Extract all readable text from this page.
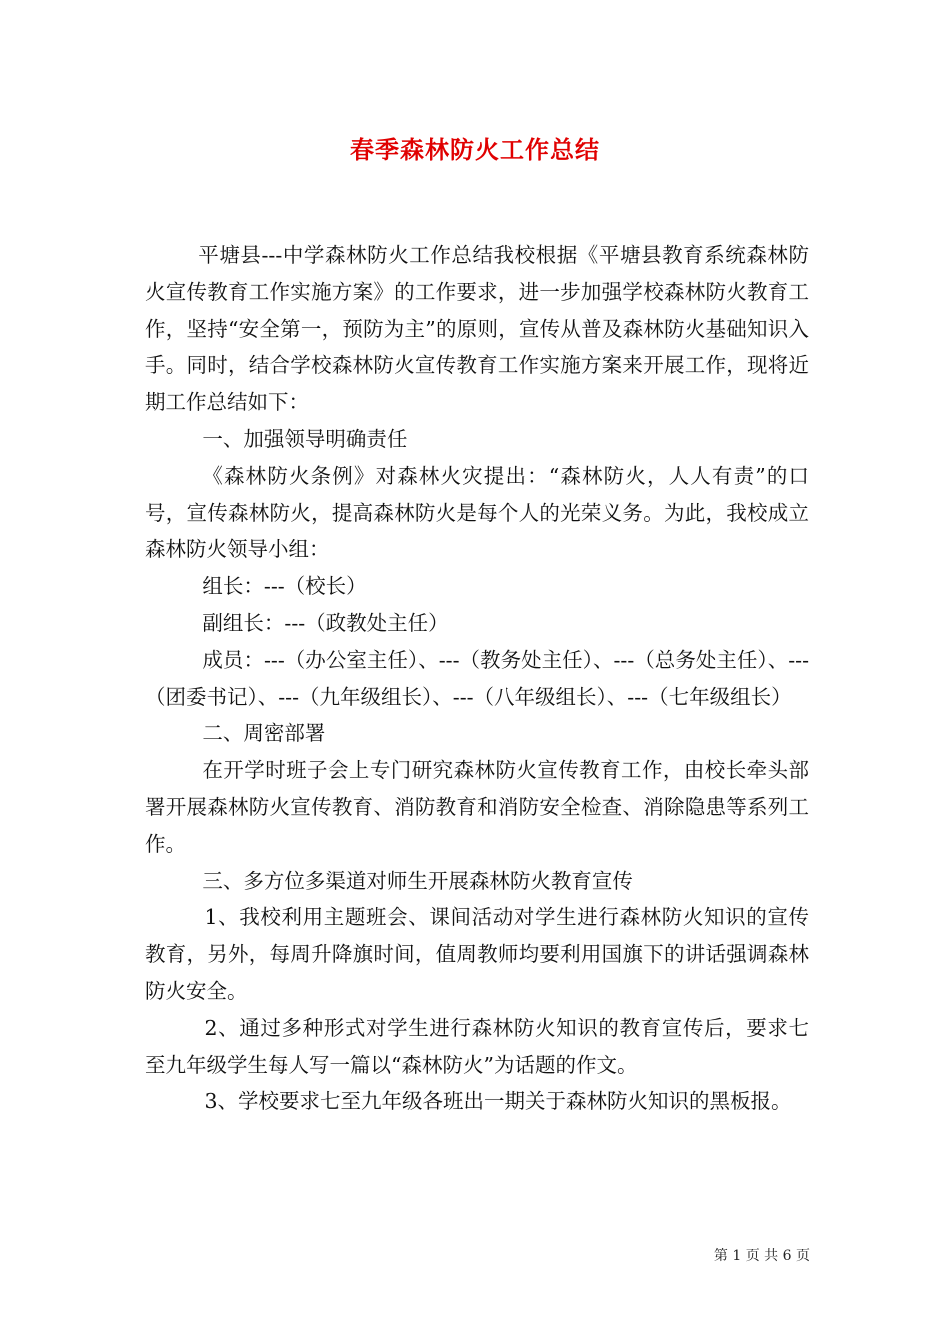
春季森林防火工作总结

平塘县---中学森林防火工作总结我校根据《平塘县教育系统森林防火宣传教育工作实施方案》的工作要求，进一步加强学校森林防火教育工作，坚持“安全第一，预防为主”的原则，宣传从普及森林防火基础知识入手。同时，结合学校森林防火宣传教育工作实施方案来开展工作，现将近期工作总结如下：

一、加强领导明确责任

《森林防火条例》对森林火灾提出：“森林防火，人人有责”的口号，宣传森林防火，提高森林防火是每个人的光荣义务。为此，我校成立森林防火领导小组：

组长：---（校长）

副组长：---（政教处主任）

成员：---（办公室主任）、---（教务处主任）、---（总务处主任）、---（团委书记）、---（九年级组长）、---（八年级组长）、---（七年级组长）

二、周密部署

在开学时班子会上专门研究森林防火宣传教育工作，由校长牵头部署开展森林防火宣传教育、消防教育和消防安全检查、消除隐患等系列工作。

三、多方位多渠道对师生开展森林防火教育宣传

1、我校利用主题班会、课间活动对学生进行森林防火知识的宣传教育，另外，每周升降旗时间，值周教师均要利用国旗下的讲话强调森林防火安全。

2、通过多种形式对学生进行森林防火知识的教育宣传后，要求七至九年级学生每人写一篇以“森林防火”为话题的作文。

3、学校要求七至九年级各班出一期关于森林防火知识的黑板报。

第 1 页 共 6 页
